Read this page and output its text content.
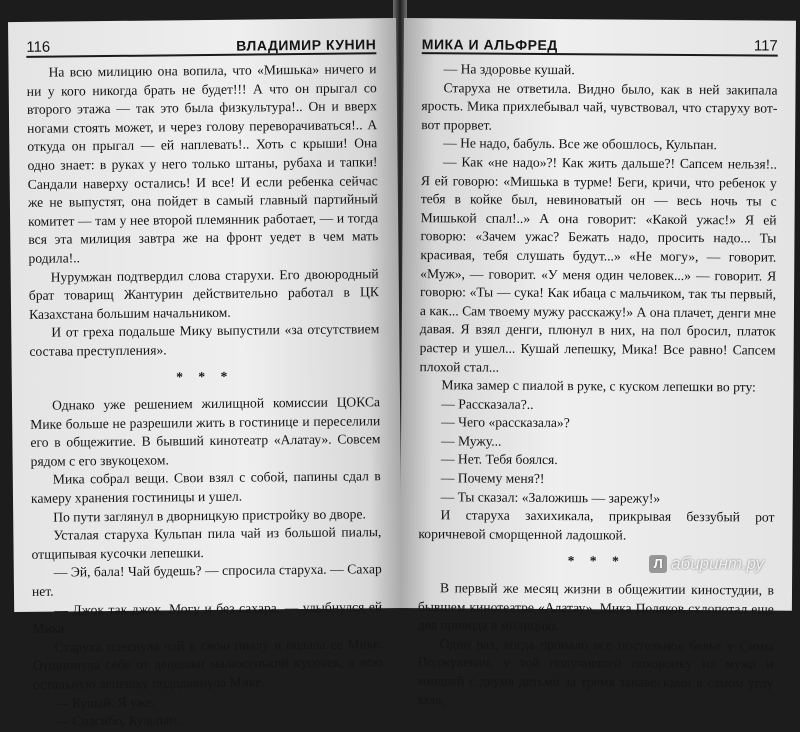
116	ВЛАДИМИР КУНИН

На всю милицию она вопила, что «Мишька» ничего и ни у кого никогда брать не будет!!! А что он прыгал со второго этажа — так это была физкультура!.. Он и вверх ногами стоять может, и через голову переворачиваться!.. А откуда он прыгал — ей наплевать!.. Хоть с крыши! Она одно знает: в руках у него только штаны, рубаха и тапки! Сандали наверху остались! И все! И если ребенка сейчас же не выпустят, она пойдет в самый главный партийный комитет — там у нее второй племянник работает, — и тогда вся эта милиция завтра же на фронт уедет в чем мать родила!..

Нурумжан подтвердил слова старухи. Его двоюродный брат товарищ Жантурин действительно работал в ЦК Казахстана большим начальником.

И от греха подальше Мику выпустили «за отсутствием состава преступления».

* * *

Однако уже решением жилищной комиссии ЦОКСа Мике больше не разрешили жить в гостинице и переселили его в общежитие. В бывший кинотеатр «Алатау». Совсем рядом с его звукоцехом.

Мика собрал вещи. Свои взял с собой, папины сдал в камеру хранения гостиницы и ушел.

По пути заглянул в дворницкую пристройку во дворе.

Усталая старуха Кульпан пила чай из большой пиалы, отщипывая кусочки лепешки.

— Эй, бала! Чай будешь? — спросила старуха. — Сахар нет.

— Джок так джок. Могу и без сахара, — улыбнулся ей Мика.

Старуха плеснула чай в свою пиалу и подала ее Мике. Отщипнула себе от лепешки малюсенький кусочек, а всю остальную лепешку пододвинула Мике.

— Кушай. Я уже.

— Спасибо, Кульпан.

МИКА И АЛЬФРЕД	117

— На здоровье кушай.

Старуха не ответила. Видно было, как в ней закипала ярость. Мика прихлебывал чай, чувствовал, что старуху вот-вот прорвет.

— Не надо, бабуль. Все же обошлось, Кульпан.

— Как «не надо»?! Как жить дальше?! Сапсем нельзя!.. Я ей говорю: «Мишька в турме! Беги, кричи, что ребенок у тебя в койке был, невиноватый он — весь ночь ты с Мишькой спал!..» А она говорит: «Какой ужас!» Я ей говорю: «Зачем ужас? Бежать надо, просить надо... Ты красивая, тебя слушать будут...» «Не могу», — говорит. «Муж», — говорит. «У меня один человек...» — говорит. Я говорю: «Ты — сука! Как ибаца с мальчиком, так ты первый, а как... Сам твоему мужу расскажу!» А она плачет, денги мне давая. Я взял денги, плюнул в них, на пол бросил, платок растер и ушел... Кушай лепешку, Мика! Все равно! Сапсем плохой стал...

Мика замер с пиалой в руке, с куском лепешки во рту:

— Рассказала?..

— Чего «рассказала»?

— Мужу...

— Нет. Тебя боялся.

— Почему меня?!

— Ты сказал: «Заложишь — зарежу!»

И старуха захихикала, прикрывая беззубый рот коричневой сморщенной ладошкой.

* * *

В первый же месяц жизни в общежитии киностудии, в бывшем кинотеатре «Алатау», Мика Поляков схлопотал еще два привода в милицию.

Один раз, когда пропало все постельное белье у Симы Поджукевич, у той получившей похоронку на мужа и жившей с двумя детьми за тремя занавесками в самом углу зала,

Л абиринт.ру
